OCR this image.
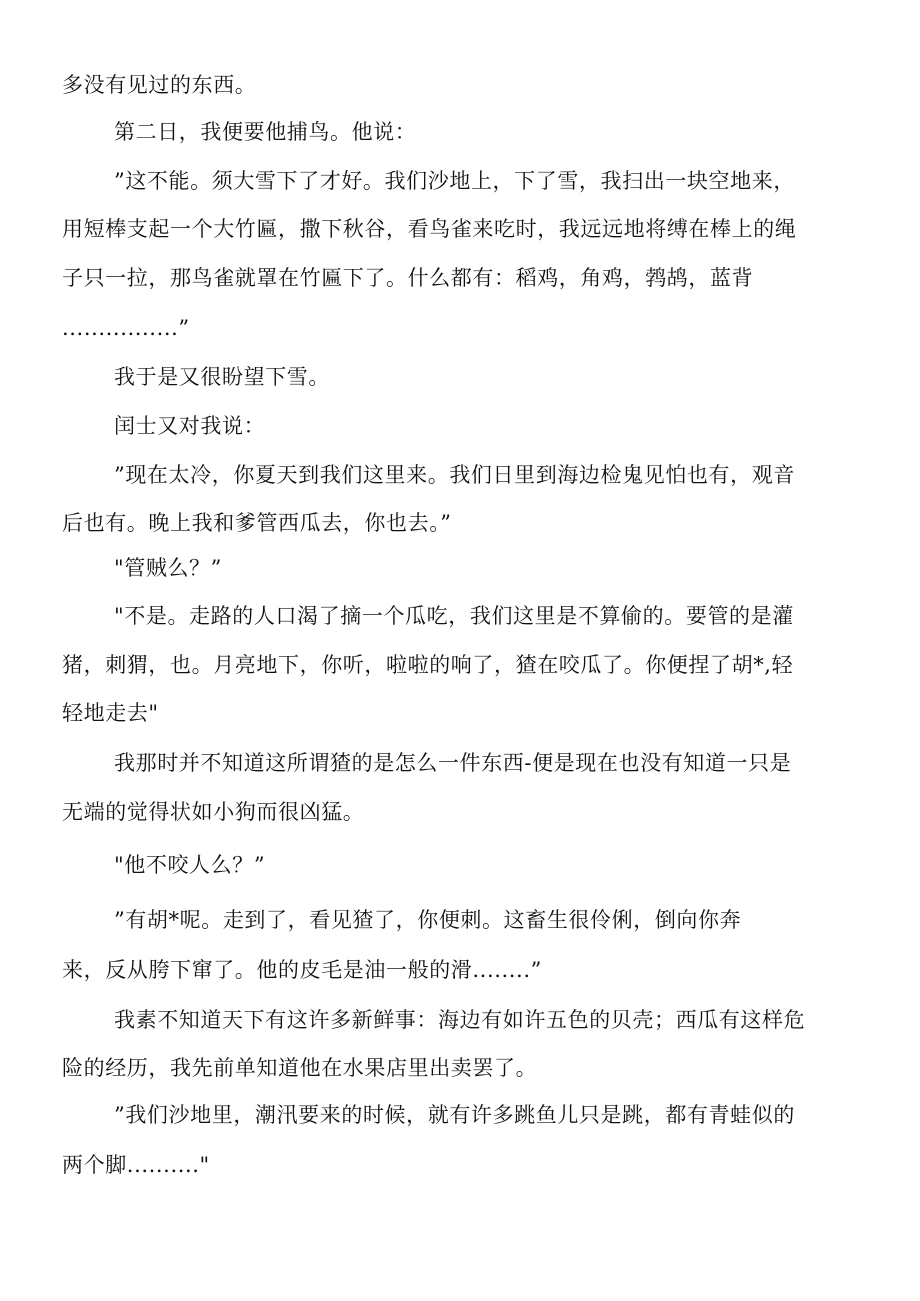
多没有见过的东西。
第二日，我便要他捕鸟。他说：
”这不能。须大雪下了才好。我们沙地上，下了雪，我扫出一块空地来，
用短棒支起一个大竹匾，撒下秋谷，看鸟雀来吃时，我远远地将缚在棒上的绳
子只一拉，那鸟雀就罩在竹匾下了。什么都有：稻鸡，角鸡，鹁鸪，蓝背
................”
我于是又很盼望下雪。
闰士又对我说：
”现在太冷，你夏天到我们这里来。我们日里到海边检鬼见怕也有，观音
后也有。晚上我和爹管西瓜去，你也去。”
"管贼么？”
"不是。走路的人口渴了摘一个瓜吃，我们这里是不算偷的。要管的是灌
猪，刺猬，也。月亮地下，你听，啦啦的响了，猹在咬瓜了。你便捏了胡*,轻
轻地走去"
我那时并不知道这所谓猹的是怎么一件东西-便是现在也没有知道一只是
无端的觉得状如小狗而很凶猛。
"他不咬人么？”
”有胡*呢。走到了，看见猹了，你便刺。这畜生很伶俐，倒向你奔
来，反从胯下窜了。他的皮毛是油一般的滑........”
我素不知道天下有这许多新鲜事：海边有如许五色的贝壳；西瓜有这样危
险的经历，我先前单知道他在水果店里出卖罢了。
”我们沙地里，潮汛要来的时候，就有许多跳鱼儿只是跳，都有青蛙似的
两个脚.........."
